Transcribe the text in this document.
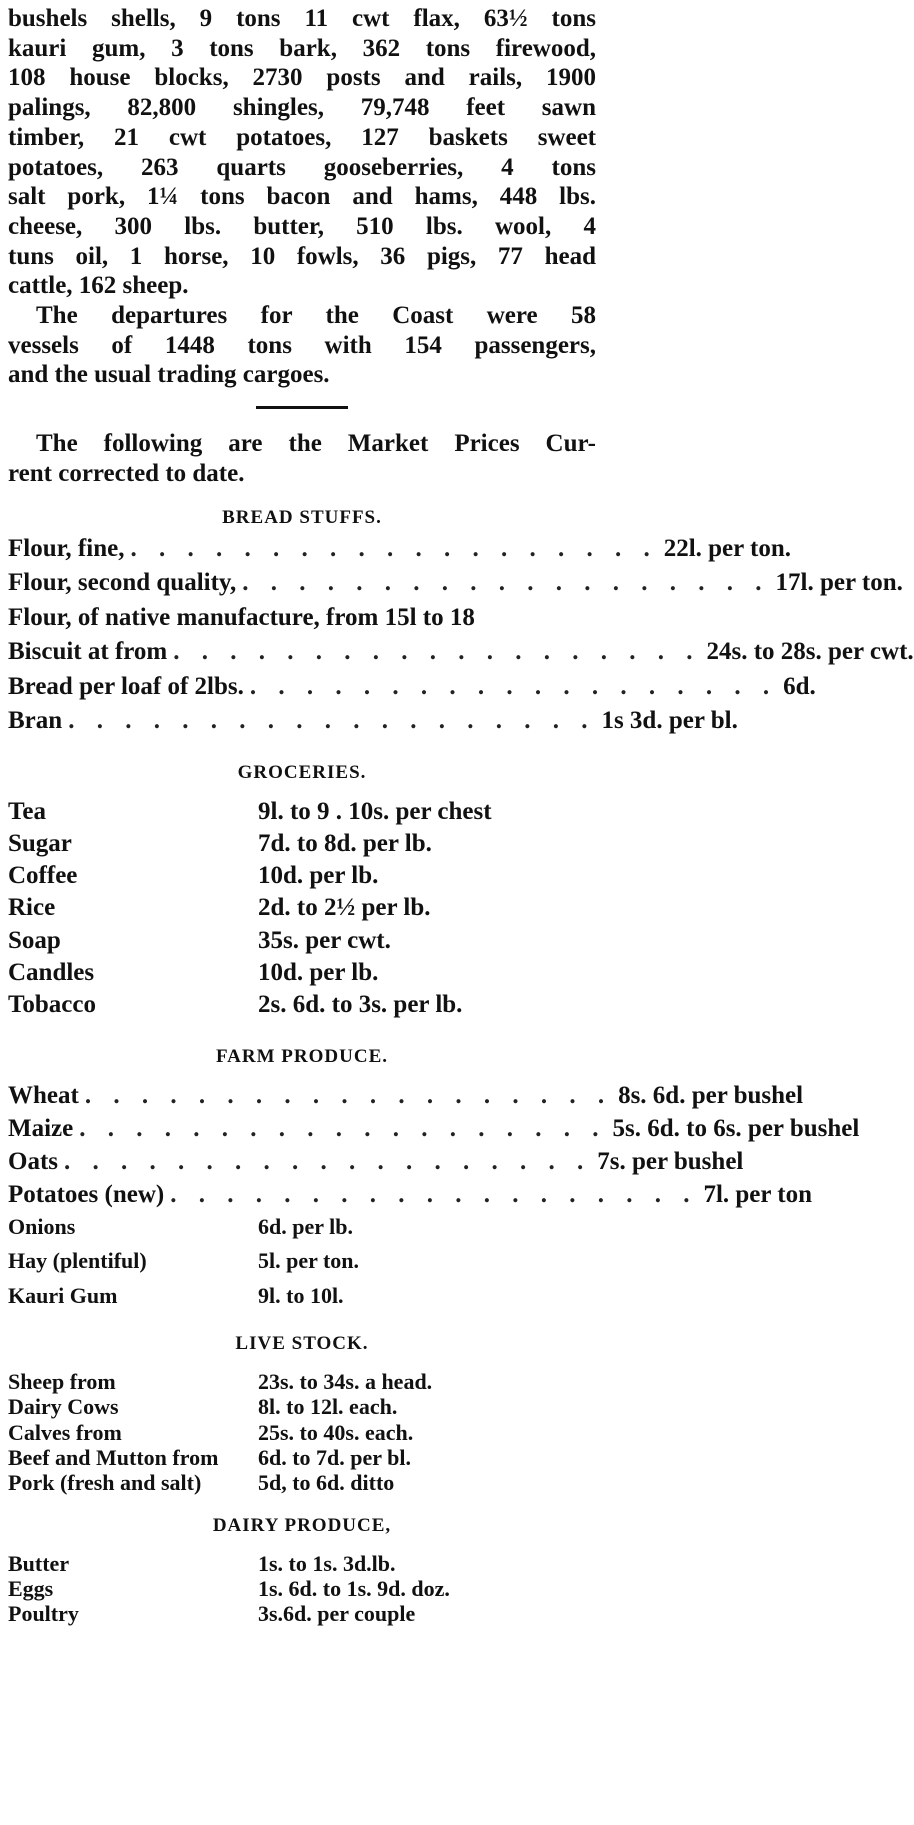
bushels shells, 9 tons 11 cwt flax, 63½ tons
kauri gum, 3 tons bark, 362 tons firewood,
108 house blocks, 2730 posts and rails, 1900
palings, 82,800 shingles, 79,748 feet sawn
timber, 21 cwt potatoes, 127 baskets sweet
potatoes, 263 quarts gooseberries, 4 tons
salt pork, 1¼ tons bacon and hams, 448 lbs.
cheese, 300 lbs. butter, 510 lbs. wool, 4
tuns oil, 1 horse, 10 fowls, 36 pigs, 77 head
cattle, 162 sheep.
The departures for the Coast were 58
vessels of 1448 tons with 154 passengers,
and the usual trading cargoes.
The following are the Market Prices Cur-
rent corrected to date.

BREAD STUFFS.

Flour, fine, . . . . . . . . . . . . . . . . . . . 22l. per ton.
Flour, second quality, . . . . . . . . . . . . . . . . . . . 17l. per ton.
Flour, of native manufacture, from 15l to 18
Biscuit at from . . . . . . . . . . . . . . . . . . . 24s. to 28s. per cwt.
Bread per loaf of 2lbs. . . . . . . . . . . . . . . . . . . . 6d.
Bran . . . . . . . . . . . . . . . . . . . 1s 3d. per bl.

GROCERIES.

Tea	9l. to 9 . 10s. per chest
Sugar	7d. to 8d. per lb.
Coffee	10d. per lb.
Rice	2d. to 2½ per lb.
Soap	35s. per cwt.
Candles	10d. per lb.
Tobacco	2s. 6d. to 3s. per lb.

FARM PRODUCE.

Wheat . . . . . . . . . . . . . . . . . . . 8s. 6d. per bushel
Maize . . . . . . . . . . . . . . . . . . . 5s. 6d. to 6s. per bushel
Oats . . . . . . . . . . . . . . . . . . . 7s. per bushel
Potatoes (new) . . . . . . . . . . . . . . . . . . . 7l. per ton
Onions	6d. per lb.
Hay (plentiful)	5l. per ton.
Kauri Gum	9l. to 10l.

LIVE STOCK.

Sheep from	23s. to 34s. a head.
Dairy Cows	8l. to 12l. each.
Calves from	25s. to 40s. each.
Beef and Mutton from	6d. to 7d. per bl.
Pork (fresh and salt)	5d, to 6d. ditto

DAIRY PRODUCE,

Butter	1s. to 1s. 3d.lb.
Eggs	1s. 6d. to 1s. 9d. doz.
Poultry	3s.6d. per couple
